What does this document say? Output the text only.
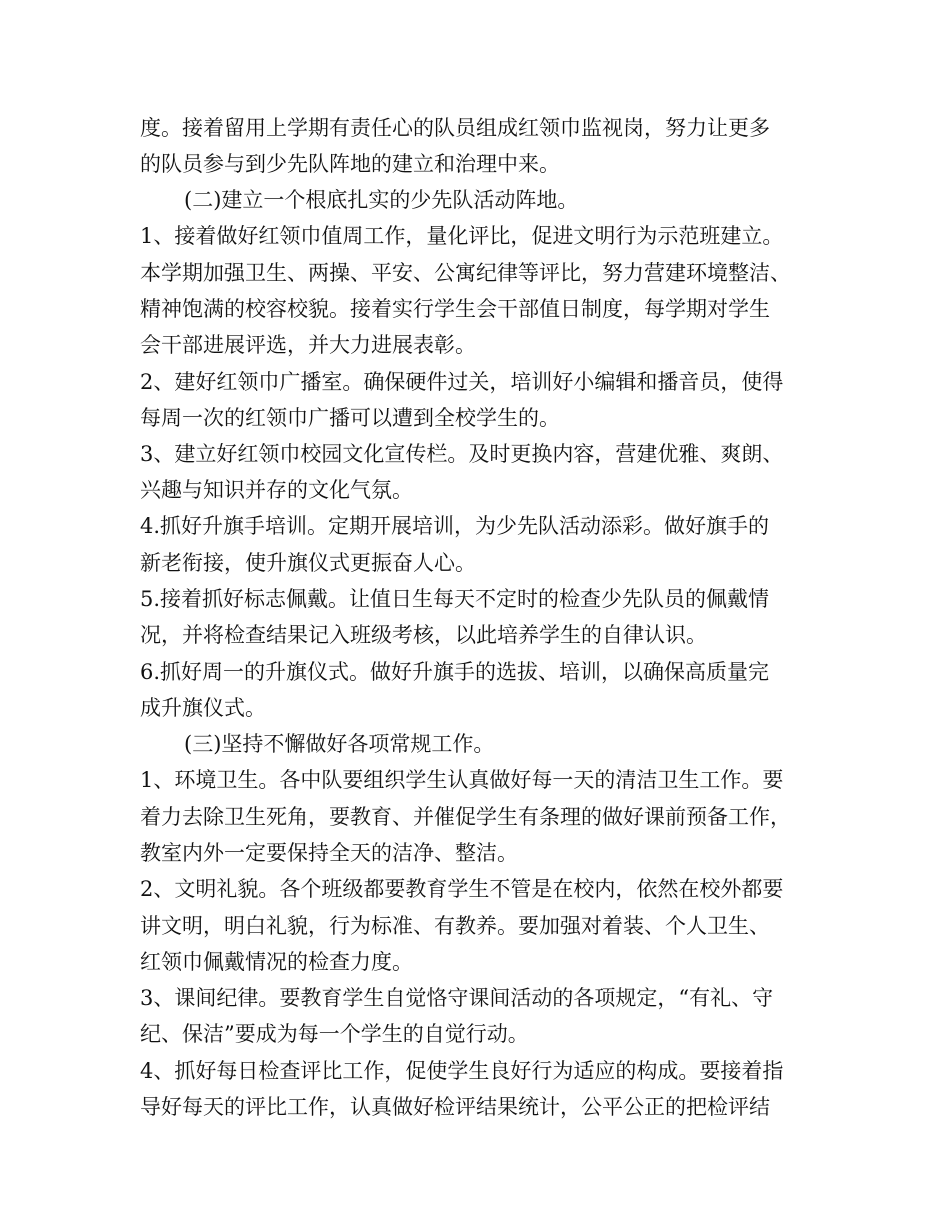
度。接着留用上学期有责任心的队员组成红领巾监视岗，努力让更多
的队员参与到少先队阵地的建立和治理中来。
(二)建立一个根底扎实的少先队活动阵地。
1、接着做好红领巾值周工作，量化评比，促进文明行为示范班建立。
本学期加强卫生、两操、平安、公寓纪律等评比，努力营建环境整洁、
精神饱满的校容校貌。接着实行学生会干部值日制度，每学期对学生
会干部进展评选，并大力进展表彰。
2、建好红领巾广播室。确保硬件过关，培训好小编辑和播音员，使得
每周一次的红领巾广播可以遭到全校学生的。
3、建立好红领巾校园文化宣传栏。及时更换内容，营建优雅、爽朗、
兴趣与知识并存的文化气氛。
4.抓好升旗手培训。定期开展培训，为少先队活动添彩。做好旗手的
新老衔接，使升旗仪式更振奋人心。
5.接着抓好标志佩戴。让值日生每天不定时的检查少先队员的佩戴情
况，并将检查结果记入班级考核，以此培养学生的自律认识。
6.抓好周一的升旗仪式。做好升旗手的选拔、培训，以确保高质量完
成升旗仪式。
(三)坚持不懈做好各项常规工作。
1、环境卫生。各中队要组织学生认真做好每一天的清洁卫生工作。要
着力去除卫生死角，要教育、并催促学生有条理的做好课前预备工作，
教室内外一定要保持全天的洁净、整洁。
2、文明礼貌。各个班级都要教育学生不管是在校内，依然在校外都要
讲文明，明白礼貌，行为标准、有教养。要加强对着装、个人卫生、
红领巾佩戴情况的检查力度。
3、课间纪律。要教育学生自觉恪守课间活动的各项规定，“有礼、守
纪、保洁”要成为每一个学生的自觉行动。
4、抓好每日检查评比工作，促使学生良好行为适应的构成。要接着指
导好每天的评比工作，认真做好检评结果统计，公平公正的把检评结
